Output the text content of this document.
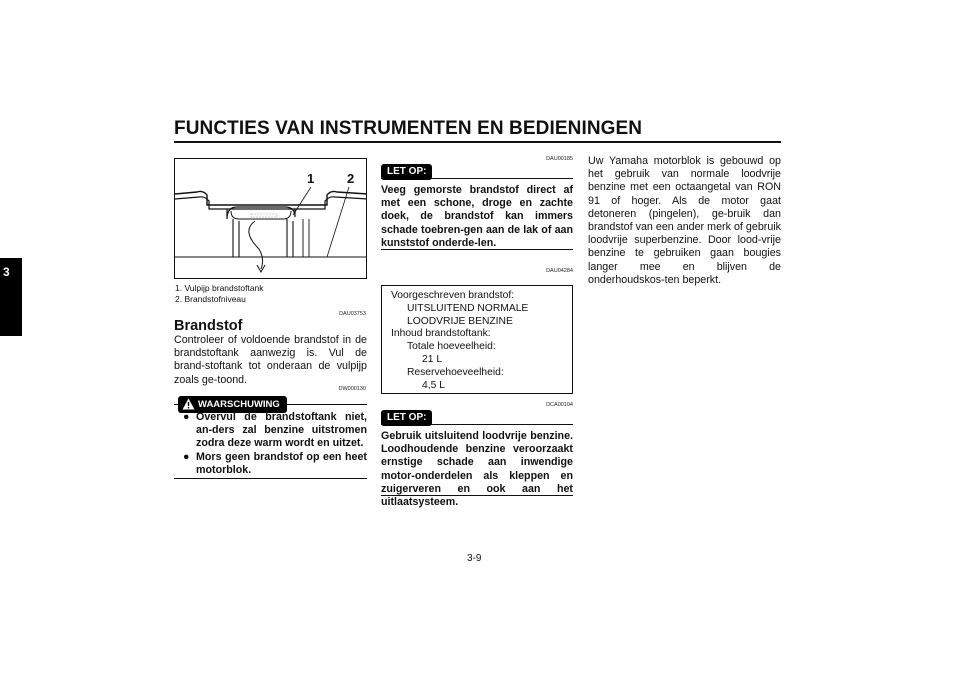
FUNCTIES VAN INSTRUMENTEN EN BEDIENINGEN
3
1	2
1. Vulpijp brandstoftank
2. Brandstofniveau
DAU03753
Brandstof
Controleer of voldoende brandstof in de brandstoftank aanwezig is. Vul de brand-stoftank tot onderaan de vulpijp zoals ge-toond.
DW000130
WAARSCHUWING
● Overvul de brandstoftank niet, an-ders zal benzine uitstromen zodra deze warm wordt en uitzet.
● Mors geen brandstof op een heet motorblok.
DAU00185
LET OP:
Veeg gemorste brandstof direct af met een schone, droge en zachte doek, de brandstof kan immers schade toebren-gen aan de lak of aan kunststof onderde-len.
DAU04284
Voorgeschreven brandstof:
UITSLUITEND NORMALE
LOODVRIJE BENZINE
Inhoud brandstoftank:
Totale hoeveelheid:
21 L
Reservehoeveelheid:
4,5 L
DCA00104
LET OP:
Gebruik uitsluitend loodvrije benzine. Loodhoudende benzine veroorzaakt ernstige schade aan inwendige motor-onderdelen als kleppen en zuigerveren en ook aan het uitlaatsysteem.
Uw Yamaha motorblok is gebouwd op het gebruik van normale loodvrije benzine met een octaangetal van RON 91 of hoger. Als de motor gaat detoneren (pingelen), ge-bruik dan brandstof van een ander merk of gebruik loodvrije superbenzine. Door lood-vrije benzine te gebruiken gaan bougies langer mee en blijven de onderhoudskos-ten beperkt.
3-9
